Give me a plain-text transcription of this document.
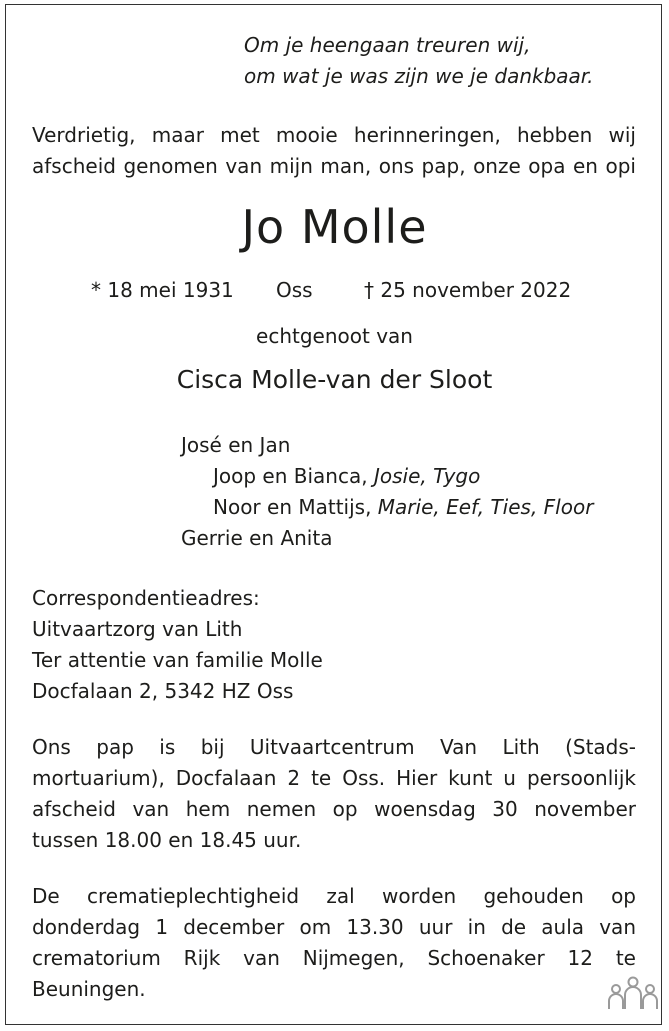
Om je heengaan treuren wij,
om wat je was zijn we je dankbaar.
Verdrietig, maar met mooie herinneringen, hebben wij
afscheid genomen van mijn man, ons pap, onze opa en opi
Jo Molle
* 18 mei 1931 Oss	† 25 november 2022
echtgenoot van
Cisca Molle-van der Sloot
José en Jan
Joop en Bianca, Josie, Tygo
Noor en Mattijs, Marie, Eef, Ties, Floor
Gerrie en Anita
Correspondentieadres:
Uitvaartzorg van Lith
Ter attentie van familie Molle
Docfalaan 2, 5342 HZ Oss
Ons pap is bij Uitvaartcentrum Van Lith (Stads-
mortuarium), Docfalaan 2 te Oss. Hier kunt u persoonlijk
afscheid van hem nemen op woensdag 30 november
tussen 18.00 en 18.45 uur.
De crematieplechtigheid zal worden gehouden op
donderdag 1 december om 13.30 uur in de aula van
crematorium Rijk van Nijmegen, Schoenaker 12 te
Beuningen.
